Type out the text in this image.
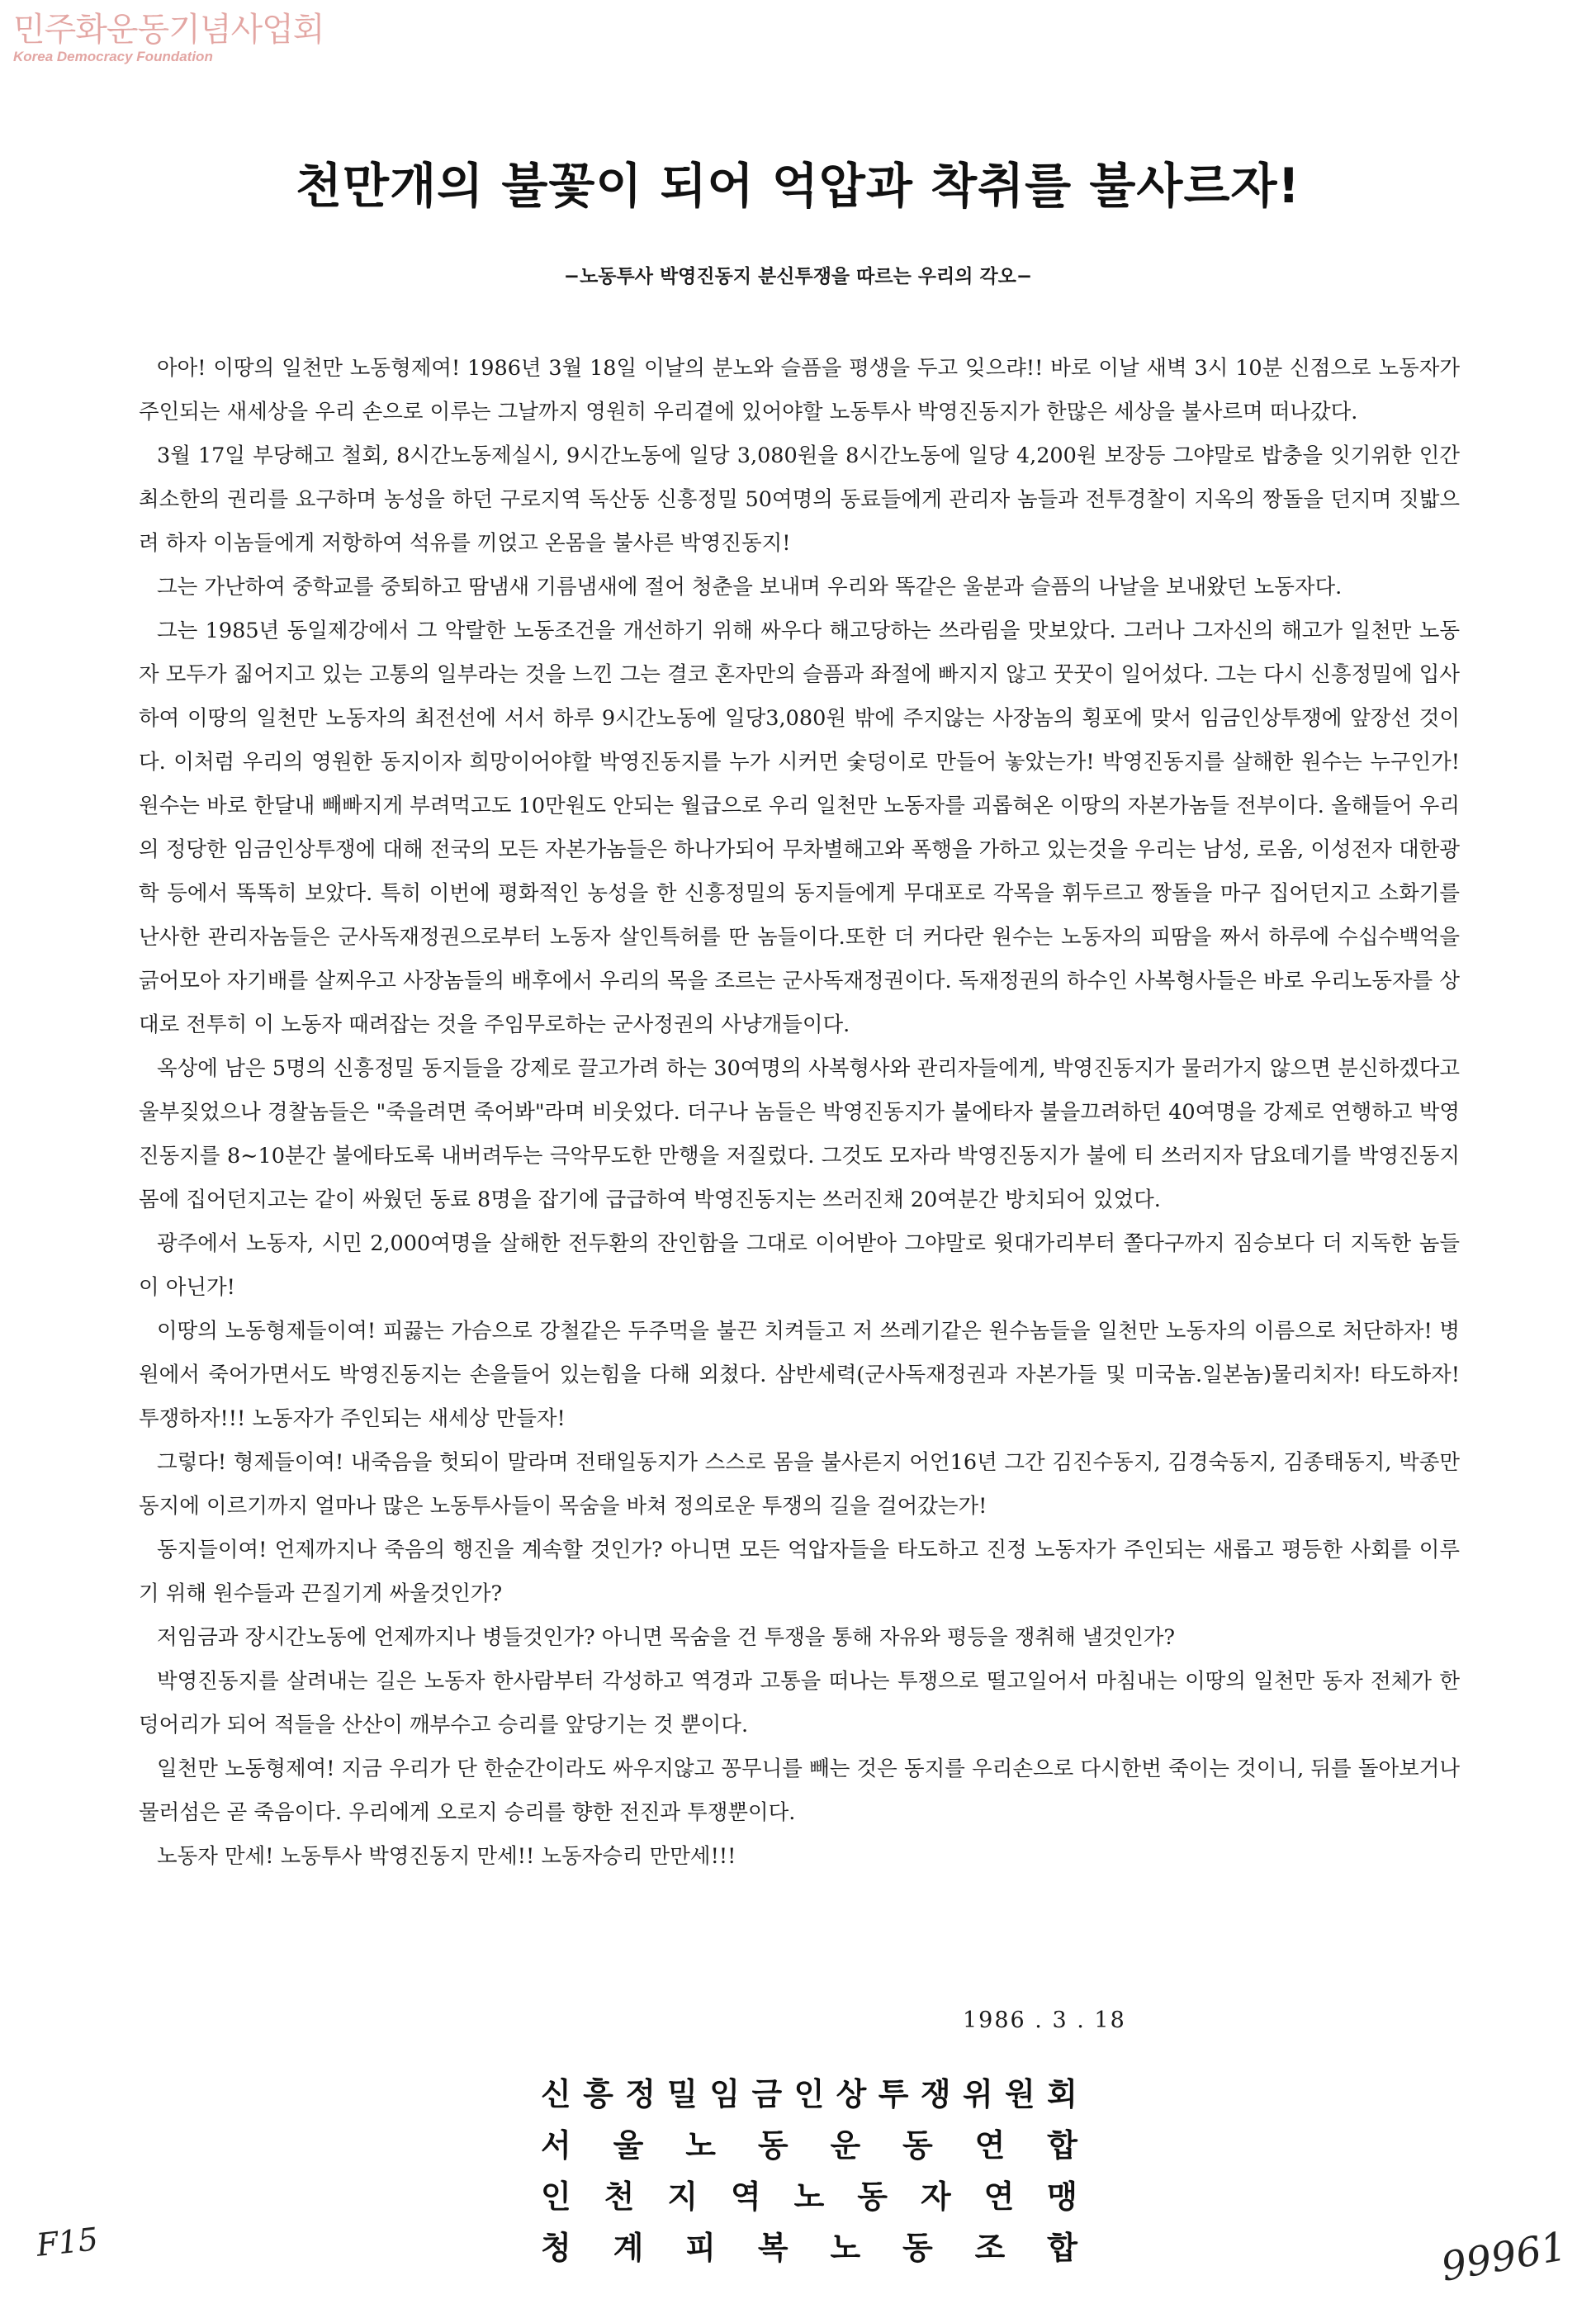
민주화운동기념사업회
Korea Democracy Foundation
천만개의 불꽃이 되어 억압과 착취를 불사르자!
−노동투사 박영진동지 분신투쟁을 따르는 우리의 각오−

아아! 이땅의 일천만 노동형제여! 1986년 3월 18일 이날의 분노와 슬픔을 평생을 두고 잊으랴!! 바로 이날 새벽 3시 10분 신점으로 노동자가 주인되는 새세상을 우리 손으로 이루는 그날까지 영원히 우리곁에 있어야할 노동투사 박영진동지가 한많은 세상을 불사르며 떠나갔다.

3월 17일 부당해고 철회, 8시간노동제실시, 9시간노동에 일당 3,080원을 8시간노동에 일당 4,200원 보장등 그야말로 밥충을 잇기위한 인간 최소한의 권리를 요구하며 농성을 하던 구로지역 독산동 신흥정밀 50여명의 동료들에게 관리자 놈들과 전투경찰이 지옥의 짱돌을 던지며 짓밟으려 하자 이놈들에게 저항하여 석유를 끼얹고 온몸을 불사른 박영진동지!

그는 가난하여 중학교를 중퇴하고 땀냄새 기름냄새에 절어 청춘을 보내며 우리와 똑같은 울분과 슬픔의 나날을 보내왔던 노동자다.

그는 1985년 동일제강에서 그 악랄한 노동조건을 개선하기 위해 싸우다 해고당하는 쓰라림을 맛보았다. 그러나 그자신의 해고가 일천만 노동자 모두가 짊어지고 있는 고통의 일부라는 것을 느낀 그는 결코 혼자만의 슬픔과 좌절에 빠지지 않고 꿋꿋이 일어섰다. 그는 다시 신흥정밀에 입사하여 이땅의 일천만 노동자의 최전선에 서서 하루 9시간노동에 일당3,080원 밖에 주지않는 사장놈의 횡포에 맞서 임금인상투쟁에 앞장선 것이다. 이처럼 우리의 영원한 동지이자 희망이어야할 박영진동지를 누가 시커먼 숯덩이로 만들어 놓았는가! 박영진동지를 살해한 원수는 누구인가! 원수는 바로 한달내 빼빠지게 부려먹고도 10만원도 안되는 월급으로 우리 일천만 노동자를 괴롭혀온 이땅의 자본가놈들 전부이다. 올해들어 우리의 정당한 임금인상투쟁에 대해 전국의 모든 자본가놈들은 하나가되어 무차별해고와 폭행을 가하고 있는것을 우리는 남성, 로옴, 이성전자 대한광학 등에서 똑똑히 보았다. 특히 이번에 평화적인 농성을 한 신흥정밀의 동지들에게 무대포로 각목을 휘두르고 짱돌을 마구 집어던지고 소화기를 난사한 관리자놈들은 군사독재정권으로부터 노동자 살인특허를 딴 놈들이다.또한 더 커다란 원수는 노동자의 피땀을 짜서 하루에 수십수백억을 긁어모아 자기배를 살찌우고 사장놈들의 배후에서 우리의 목을 조르는 군사독재정권이다. 독재정권의 하수인 사복형사들은 바로 우리노동자를 상대로 전투히 이 노동자 때려잡는 것을 주임무로하는 군사정권의 사냥개들이다.

옥상에 남은 5명의 신흥정밀 동지들을 강제로 끌고가려 하는 30여명의 사복형사와 관리자들에게, 박영진동지가 물러가지 않으면 분신하겠다고 울부짖었으나 경찰놈들은 "죽을려면 죽어봐"라며 비웃었다. 더구나 놈들은 박영진동지가 불에타자 불을끄려하던 40여명을 강제로 연행하고 박영진동지를 8∼10분간 불에타도록 내버려두는 극악무도한 만행을 저질렀다. 그것도 모자라 박영진동지가 불에 티 쓰러지자 담요데기를 박영진동지 몸에 집어던지고는 같이 싸웠던 동료 8명을 잡기에 급급하여 박영진동지는 쓰러진채 20여분간 방치되어 있었다.

광주에서 노동자, 시민 2,000여명을 살해한 전두환의 잔인함을 그대로 이어받아 그야말로 윗대가리부터 쫄다구까지 짐승보다 더 지독한 놈들이 아닌가!

이땅의 노동형제들이여! 피끓는 가슴으로 강철같은 두주먹을 불끈 치켜들고 저 쓰레기같은 원수놈들을 일천만 노동자의 이름으로 처단하자! 병원에서 죽어가면서도 박영진동지는 손을들어 있는힘을 다해 외쳤다. 삼반세력(군사독재정권과 자본가들 및 미국놈.일본놈)물리치자! 타도하자! 투쟁하자!!! 노동자가 주인되는 새세상 만들자!

그렇다! 형제들이여! 내죽음을 헛되이 말라며 전태일동지가 스스로 몸을 불사른지 어언16년 그간 김진수동지, 김경숙동지, 김종태동지, 박종만동지에 이르기까지 얼마나 많은 노동투사들이 목숨을 바쳐 정의로운 투쟁의 길을 걸어갔는가!

동지들이여! 언제까지나 죽음의 행진을 계속할 것인가? 아니면 모든 억압자들을 타도하고 진정 노동자가 주인되는 새롭고 평등한 사회를 이루기 위해 원수들과 끈질기게 싸울것인가?

저임금과 장시간노동에 언제까지나 병들것인가? 아니면 목숨을 건 투쟁을 통해 자유와 평등을 쟁취해 낼것인가?

박영진동지를 살려내는 길은 노동자 한사람부터 각성하고 역경과 고통을 떠나는 투쟁으로 떨고일어서 마침내는 이땅의 일천만 동자 전체가 한덩어리가 되어 적들을 산산이 깨부수고 승리를 앞당기는 것 뿐이다.

일천만 노동형제여! 지금 우리가 단 한순간이라도 싸우지않고 꽁무니를 빼는 것은 동지를 우리손으로 다시한번 죽이는 것이니, 뒤를 돌아보거나 물러섬은 곧 죽음이다. 우리에게 오로지 승리를 향한 전진과 투쟁뿐이다.

노동자 만세! 노동투사 박영진동지 만세!! 노동자승리 만만세!!!

1986 . 3 . 18
신 흥 정 밀 임 금 인 상 투 쟁 위 원 회
서 울 노 동 운 동 연 합
인 천 지 역 노 동 자 연 맹
청 계 피 복 노 동 조 합
F15	99961
